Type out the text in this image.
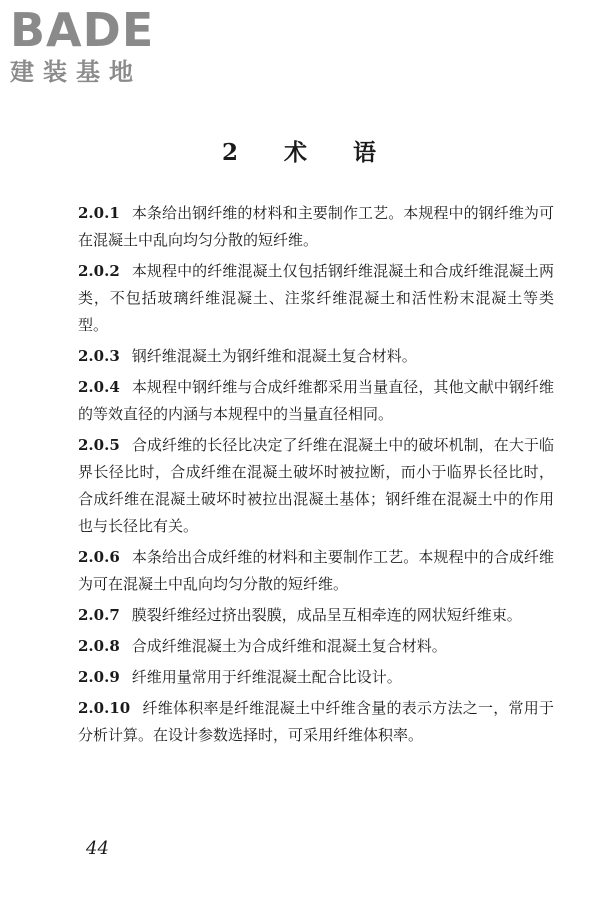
BADE
建装基地
2 术 语

2.0.1 本条给出钢纤维的材料和主要制作工艺。本规程中的钢纤维为可在混凝土中乱向均匀分散的短纤维。

2.0.2 本规程中的纤维混凝土仅包括钢纤维混凝土和合成纤维混凝土两类，不包括玻璃纤维混凝土、注浆纤维混凝土和活性粉末混凝土等类型。

2.0.3 钢纤维混凝土为钢纤维和混凝土复合材料。

2.0.4 本规程中钢纤维与合成纤维都采用当量直径，其他文献中钢纤维的等效直径的内涵与本规程中的当量直径相同。

2.0.5 合成纤维的长径比决定了纤维在混凝土中的破坏机制，在大于临界长径比时，合成纤维在混凝土破坏时被拉断，而小于临界长径比时，合成纤维在混凝土破坏时被拉出混凝土基体；钢纤维在混凝土中的作用也与长径比有关。

2.0.6 本条给出合成纤维的材料和主要制作工艺。本规程中的合成纤维为可在混凝土中乱向均匀分散的短纤维。

2.0.7 膜裂纤维经过挤出裂膜，成品呈互相牵连的网状短纤维束。

2.0.8 合成纤维混凝土为合成纤维和混凝土复合材料。

2.0.9 纤维用量常用于纤维混凝土配合比设计。

2.0.10 纤维体积率是纤维混凝土中纤维含量的表示方法之一，常用于分析计算。在设计参数选择时，可采用纤维体积率。

44
